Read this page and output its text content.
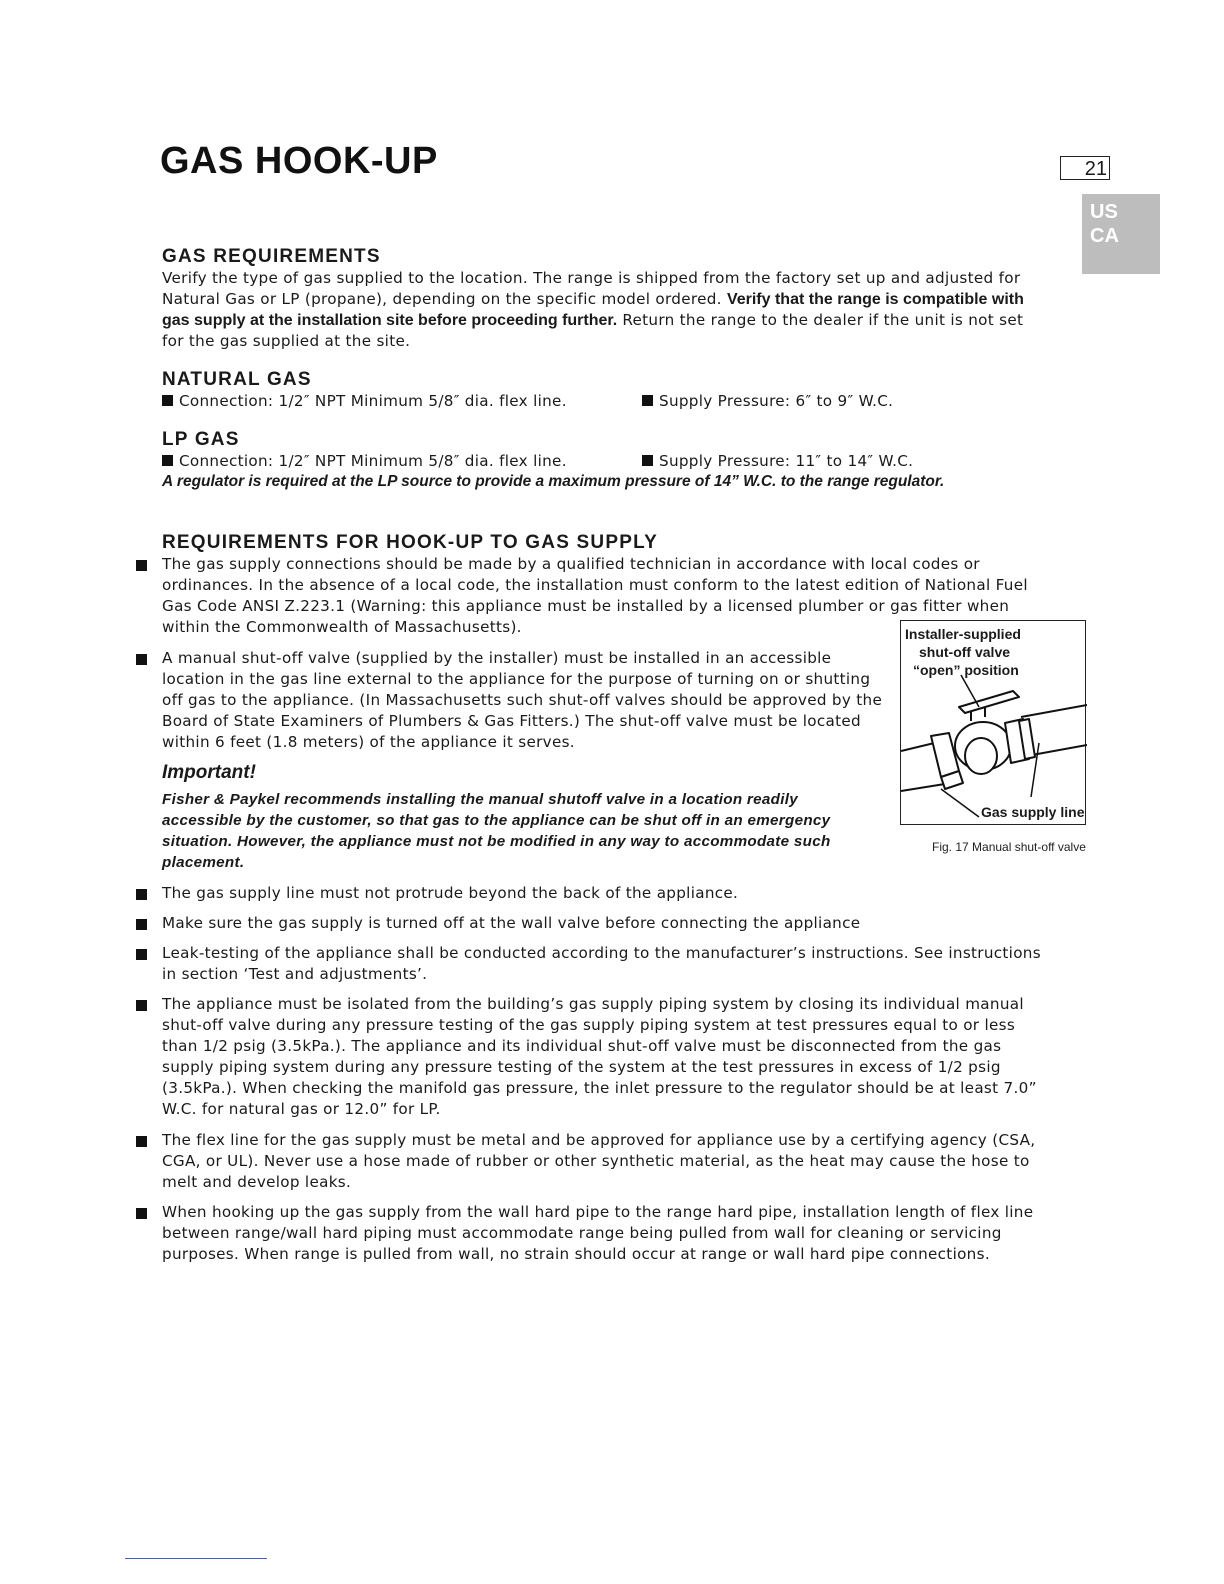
GAS HOOK-UP	21
US
CA
GAS REQUIREMENTS
Verify the type of gas supplied to the location. The range is shipped from the factory set up and adjusted for Natural Gas or LP (propane), depending on the specific model ordered. Verify that the range is compatible with gas supply at the installation site before proceeding further. Return the range to the dealer if the unit is not set for the gas supplied at the site.
NATURAL GAS
Connection: 1/2″ NPT Minimum 5/8″ dia. flex line.	Supply Pressure: 6″ to 9″ W.C.
LP GAS
Connection: 1/2″ NPT Minimum 5/8″ dia. flex line.	Supply Pressure: 11″ to 14″ W.C.
A regulator is required at the LP source to provide a maximum pressure of 14” W.C. to the range regulator.
REQUIREMENTS FOR HOOK-UP TO GAS SUPPLY
The gas supply connections should be made by a qualified technician in accordance with local codes or ordinances. In the absence of a local code, the installation must conform to the latest edition of National Fuel Gas Code ANSI Z.223.1 (Warning: this appliance must be installed by a licensed plumber or gas fitter when within the Commonwealth of Massachusetts).
A manual shut-off valve (supplied by the installer) must be installed in an accessible location in the gas line external to the appliance for the purpose of turning on or shutting off gas to the appliance. (In Massachusetts such shut-off valves should be approved by the Board of State Examiners of Plumbers & Gas Fitters.) The shut-off valve must be located within 6 feet (1.8 meters) of the appliance it serves.
Important!
Fisher & Paykel recommends installing the manual shutoff valve in a location readily accessible by the customer, so that gas to the appliance can be shut off in an emergency situation. However, the appliance must not be modified in any way to accommodate such placement.
The gas supply line must not protrude beyond the back of the appliance.
Make sure the gas supply is turned off at the wall valve before connecting the appliance
Leak-testing of the appliance shall be conducted according to the manufacturer’s instructions. See instructions in section ‘Test and adjustments’.
The appliance must be isolated from the building’s gas supply piping system by closing its individual manual shut-off valve during any pressure testing of the gas supply piping system at test pressures equal to or less than 1/2 psig (3.5kPa.). The appliance and its individual shut-off valve must be disconnected from the gas supply piping system during any pressure testing of the system at the test pressures in excess of 1/2 psig (3.5kPa.). When checking the manifold gas pressure, the inlet pressure to the regulator should be at least 7.0” W.C. for natural gas or 12.0” for LP.
The flex line for the gas supply must be metal and be approved for appliance use by a certifying agency (CSA, CGA, or UL). Never use a hose made of rubber or other synthetic material, as the heat may cause the hose to melt and develop leaks.
When hooking up the gas supply from the wall hard pipe to the range hard pipe, installation length of flex line between range/wall hard piping must accommodate range being pulled from wall for cleaning or servicing purposes. When range is pulled from wall, no strain should occur at range or wall hard pipe connections.
Installer-supplied
shut-off valve
“open” position
Gas supply line
Fig. 17 Manual shut-off valve
